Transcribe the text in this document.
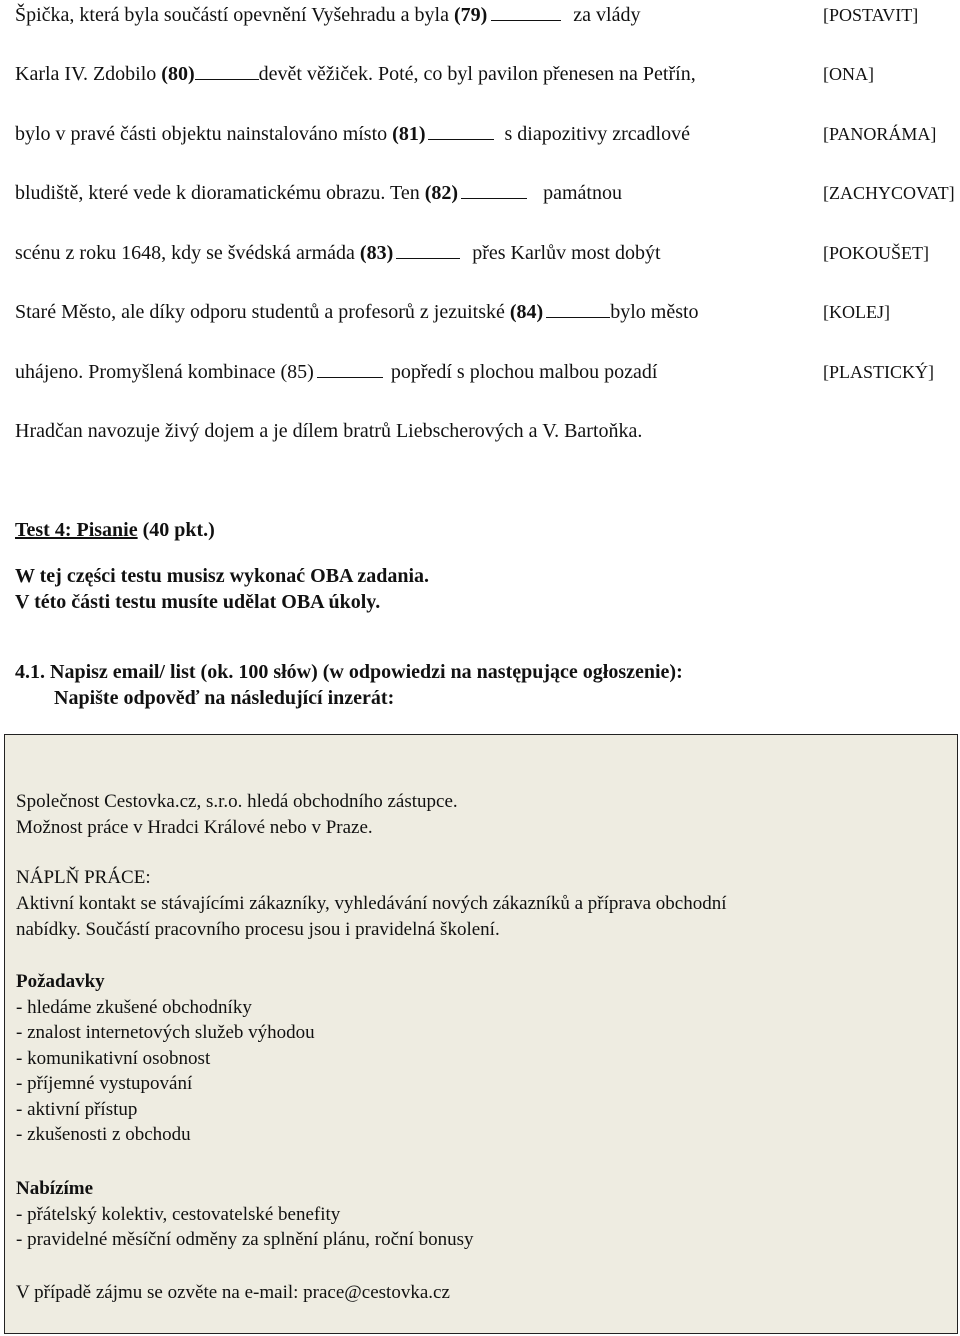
Špička, která byla součástí opevnění Vyšehradu a byla (79)	za vlády	[POSTAVIT]
Karla IV. Zdobilo (80)	devět věžiček. Poté, co byl pavilon přenesen na Petřín,	[ONA]
bylo v pravé části objektu nainstalováno místo (81)	s diapozitivy zrcadlové	[PANORÁMA]
bludiště, které vede k dioramatickému obrazu. Ten (82)	památnou	[ZACHYCOVAT]
scénu z roku 1648, kdy se švédská armáda (83)	přes Karlův most dobýt	[POKOUŠET]
Staré Město, ale díky odporu studentů a profesorů z jezuitské (84)	bylo město	[KOLEJ]
uhájeno. Promyšlená kombinace (85)	popředí s plochou malbou pozadí	[PLASTICKÝ]
Hradčan navozuje živý dojem a je dílem bratrů Liebscherových a V. Bartoňka.
Test 4: Pisanie (40 pkt.)
W tej części testu musisz wykonać OBA zadania.
V této části testu musíte udělat OBA úkoly.
4.1. Napisz email/ list (ok. 100 słów) (w odpowiedzi na następujące ogłoszenie):
Napište odpověď na následující inzerát:
Společnost Cestovka.cz, s.r.o. hledá obchodního zástupce.
Možnost práce v Hradci Králové nebo v Praze.
NÁPLŇ PRÁCE:
Aktivní kontakt se stávajícími zákazníky, vyhledávání nových zákazníků a příprava obchodní
nabídky. Součástí pracovního procesu jsou i pravidelná školení.
Požadavky
- hledáme zkušené obchodníky
- znalost internetových služeb výhodou
- komunikativní osobnost
- příjemné vystupování
- aktivní přístup
- zkušenosti z obchodu
Nabízíme
- přátelský kolektiv, cestovatelské benefity
- pravidelné měsíční odměny za splnění plánu, roční bonusy
V případě zájmu se ozvěte na e-mail: prace@cestovka.cz
